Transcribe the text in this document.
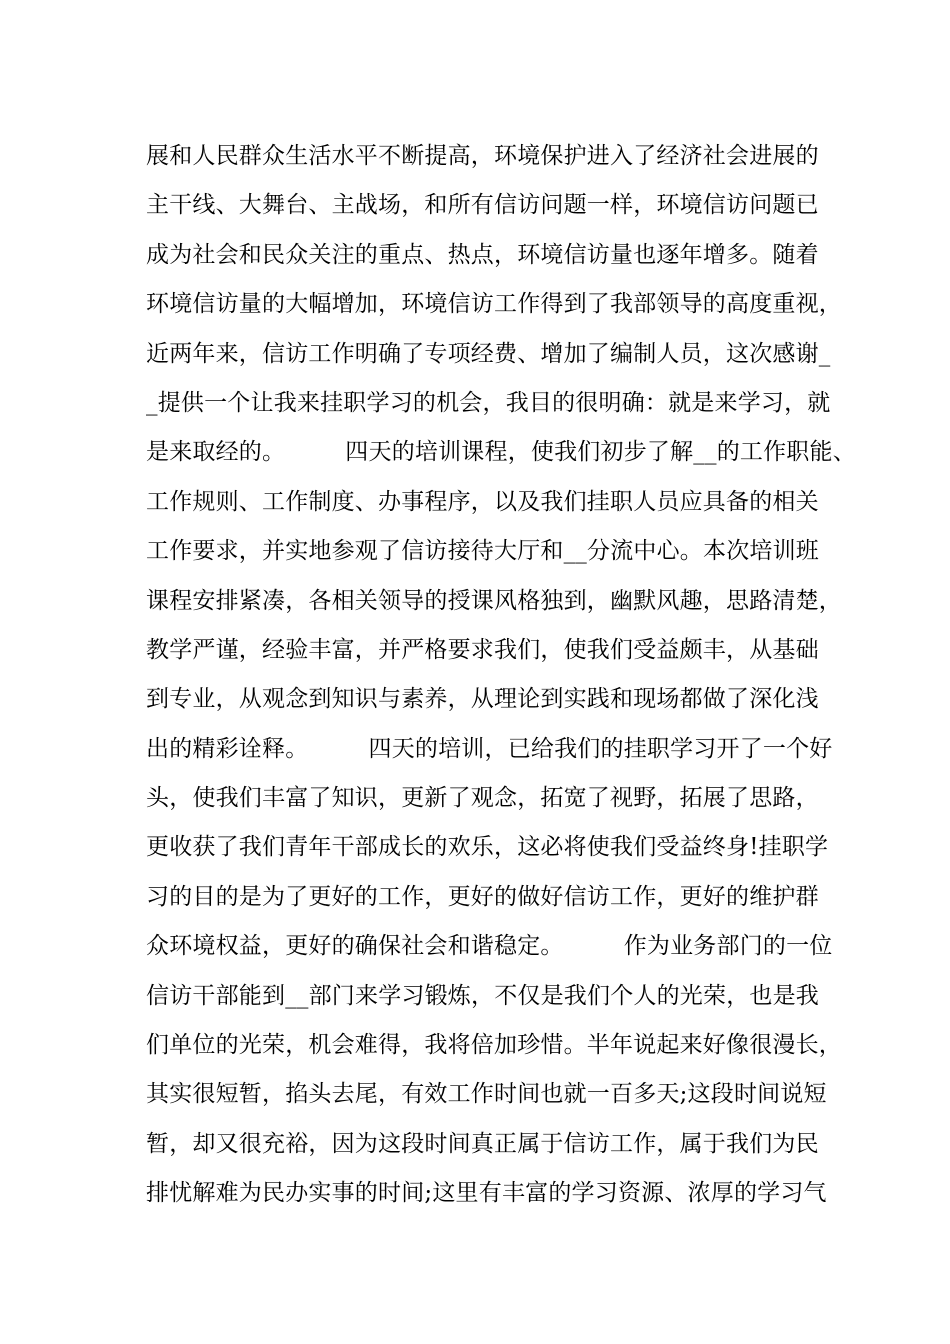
展和人民群众生活水平不断提高，环境保护进入了经济社会进展的
主干线、大舞台、主战场，和所有信访问题一样，环境信访问题已
成为社会和民众关注的重点、热点，环境信访量也逐年增多。随着
环境信访量的大幅增加，环境信访工作得到了我部领导的高度重视，
近两年来，信访工作明确了专项经费、增加了编制人员，这次感谢_
_提供一个让我来挂职学习的机会，我目的很明确：就是来学习，就
是来取经的。        四天的培训课程，使我们初步了解__的工作职能、
工作规则、工作制度、办事程序，以及我们挂职人员应具备的相关
工作要求，并实地参观了信访接待大厅和__分流中心。本次培训班
课程安排紧凑，各相关领导的授课风格独到，幽默风趣，思路清楚，
教学严谨，经验丰富，并严格要求我们，使我们受益颇丰，从基础
到专业，从观念到知识与素养，从理论到实践和现场都做了深化浅
出的精彩诠释。        四天的培训，已给我们的挂职学习开了一个好
头，使我们丰富了知识，更新了观念，拓宽了视野，拓展了思路，
更收获了我们青年干部成长的欢乐，这必将使我们受益终身!挂职学
习的目的是为了更好的工作，更好的做好信访工作，更好的维护群
众环境权益，更好的确保社会和谐稳定。        作为业务部门的一位
信访干部能到__部门来学习锻炼，不仅是我们个人的光荣，也是我
们单位的光荣，机会难得，我将倍加珍惜。半年说起来好像很漫长，
其实很短暂，掐头去尾，有效工作时间也就一百多天;这段时间说短
暂，却又很充裕，因为这段时间真正属于信访工作，属于我们为民
排忧解难为民办实事的时间;这里有丰富的学习资源、浓厚的学习气
